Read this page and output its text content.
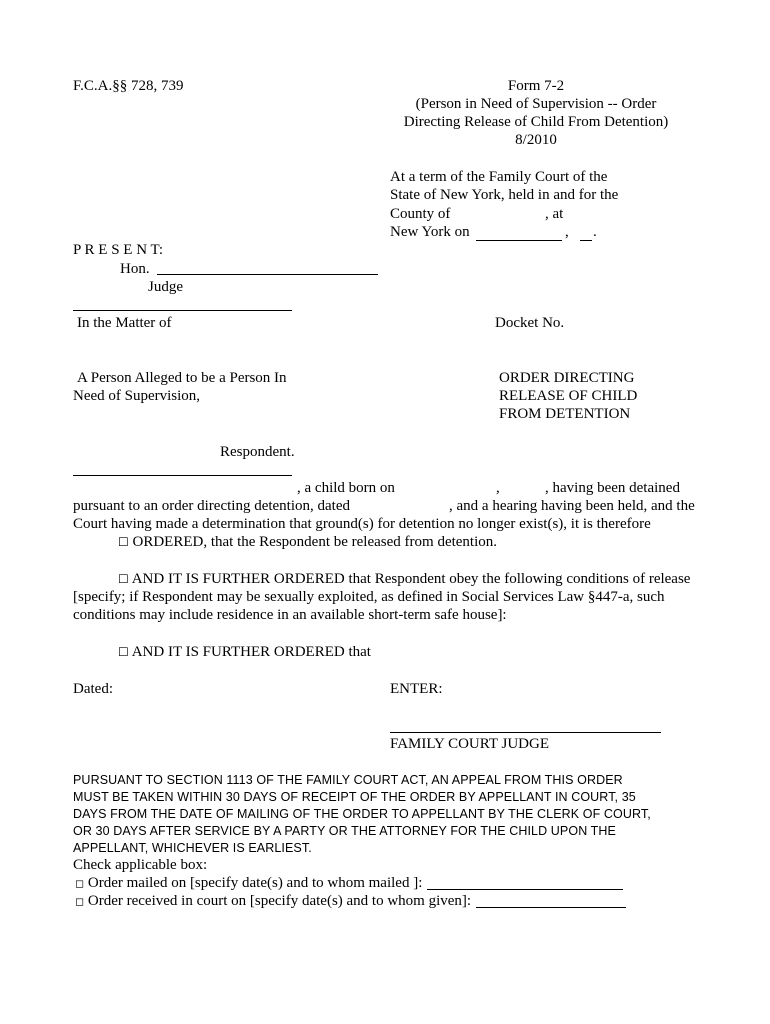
F.C.A.§§ 728, 739	Form 7-2
(Person in Need of Supervision -- Order
Directing Release of Child From Detention)
8/2010
At a term of the Family Court of the
State of New York, held in and for the
County of	, at
New York on	, .
P R E S E N T:
Hon.
Judge
In the Matter of	Docket No.
A Person Alleged to be a Person In
Need of Supervision,
ORDER DIRECTING
RELEASE OF CHILD
FROM DETENTION
Respondent.
, a child born on	,	, having been detained
pursuant to an order directing detention, dated	, and a hearing having been held, and the
Court having made a determination that ground(s) for detention no longer exist(s), it is therefore
☐ ORDERED, that the Respondent be released from detention.
☐ AND IT IS FURTHER ORDERED that Respondent obey the following conditions of release
[specify; if Respondent may be sexually exploited, as defined in Social Services Law §447-a, such
conditions may include residence in an available short-term safe house]:
☐ AND IT IS FURTHER ORDERED that
Dated:	ENTER:
FAMILY COURT JUDGE
PURSUANT TO SECTION 1113 OF THE FAMILY COURT ACT, AN APPEAL FROM THIS ORDER
MUST BE TAKEN WITHIN 30 DAYS OF RECEIPT OF THE ORDER BY APPELLANT IN COURT, 35
DAYS FROM THE DATE OF MAILING OF THE ORDER TO APPELLANT BY THE CLERK OF COURT,
OR 30 DAYS AFTER SERVICE BY A PARTY OR THE ATTORNEY FOR THE CHILD UPON THE
APPELLANT, WHICHEVER IS EARLIEST.
Check applicable box:
◻ Order mailed on [specify date(s) and to whom mailed ]:
◻ Order received in court on [specify date(s) and to whom given]:
